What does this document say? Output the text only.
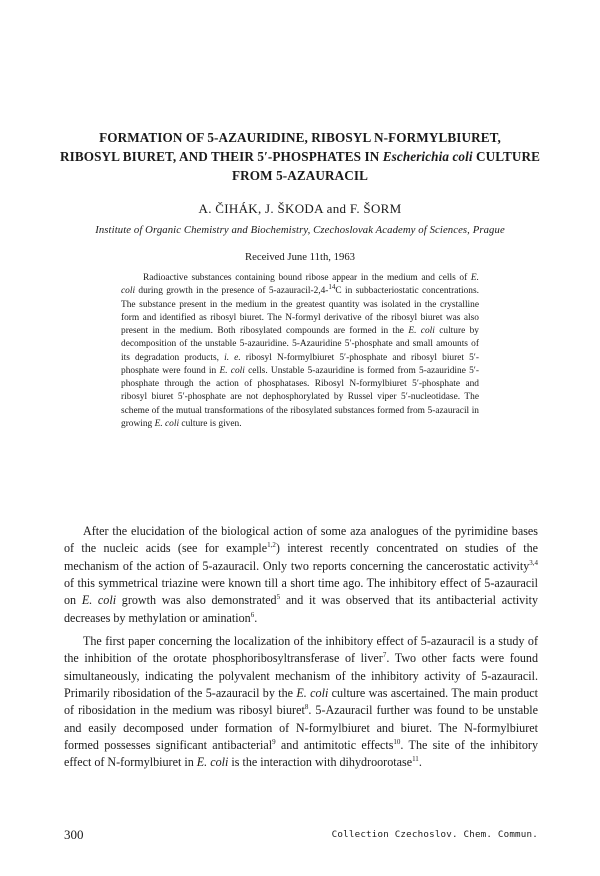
FORMATION OF 5-AZAURIDINE, RIBOSYL N-FORMYLBIURET,
RIBOSYL BIURET, AND THEIR 5′-PHOSPHATES IN Escherichia coli CULTURE
FROM 5-AZAURACIL
A. ČIHÁK, J. ŠKODA and F. ŠORM
Institute of Organic Chemistry and Biochemistry, Czechoslovak Academy of Sciences, Prague
Received June 11th, 1963

Radioactive substances containing bound ribose appear in the medium and cells of E. coli during growth in the presence of 5-azauracil-2,4-$^{14}$C in subbacteriostatic concentrations. The substance present in the medium in the greatest quantity was isolated in the crystalline form and identified as ribosyl biuret. The N-formyl derivative of the ribosyl biuret was also present in the medium. Both ribosylated compounds are formed in the E. coli culture by decomposition of the unstable 5-azauridine. 5-Azauridine 5′-phosphate and small amounts of its degradation products, i. e. ribosyl N-formylbiuret 5′-phosphate and ribosyl biuret 5′-phosphate were found in E. coli cells. Unstable 5-azauridine is formed from 5-azauridine 5′-phosphate through the action of phosphatases. Ribosyl N-formylbiuret 5′-phosphate and ribosyl biuret 5′-phosphate are not dephosphorylated by Russel viper 5′-nucleotidase. The scheme of the mutual transformations of the ribosylated substances formed from 5-azauracil in growing E. coli culture is given.

After the elucidation of the biological action of some aza analogues of the pyrimidine bases of the nucleic acids (see for example$^{1,2}$) interest recently concentrated on studies of the mechanism of the action of 5-azauracil. Only two reports concerning the cancerostatic activity$^{3,4}$ of this symmetrical triazine were known till a short time ago. The inhibitory effect of 5-azauracil on E. coli growth was also demonstrated$^5$ and it was observed that its antibacterial activity decreases by methylation or amination$^6$.

The first paper concerning the localization of the inhibitory effect of 5-azauracil is a study of the inhibition of the orotate phosphoribosyltransferase of liver$^7$. Two other facts were found simultaneously, indicating the polyvalent mechanism of the inhibitory activity of 5-azauracil. Primarily ribosidation of the 5-azauracil by the E. coli culture was ascertained. The main product of ribosidation in the medium was ribosyl biuret$^8$. 5-Azauracil further was found to be unstable and easily decomposed under formation of N-formylbiuret and biuret. The N-formylbiuret formed possesses significant antibacterial$^9$ and antimitotic effects$^{10}$. The site of the inhibitory effect of N-formylbiuret in E. coli is the interaction with dihydroorotase$^{11}$.

300	Collection Czechoslov. Chem. Commun.
